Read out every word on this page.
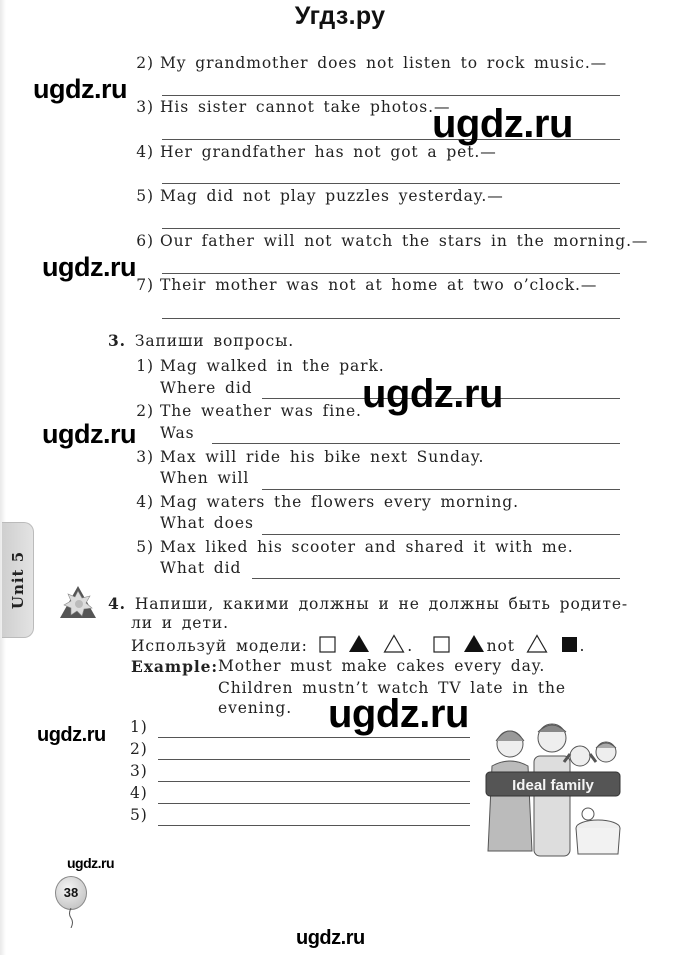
Угдз.ру
2) My grandmother does not listen to rock music.—
3) His sister cannot take photos.—
4) Her grandfather has not got a pet.—
5) Mag did not play puzzles yesterday.—
6) Our father will not watch the stars in the morning.—
7) Their mother was not at home at two o’clock.—
3. Запиши вопросы.
1) Mag walked in the park.
Where did
2) The weather was fine.
Was
3) Max will ride his bike next Sunday.
When will
4) Mag waters the flowers every morning.
What does
5) Max liked his scooter and shared it with me.
What did
Unit 5	4. Напиши, какими должны и не должны быть родите-
ли и дети.
Используй модели:	.	not	.
Example: Mother must make cakes every day.
Children mustn’t watch TV late in the
evening.
1)
2)
3)
4)
5)
Ideal family
38
ugdz.ru
ugdz.ru
ugdz.ru
ugdz.ru
ugdz.ru
ugdz.ru
ugdz.ru
ugdz.ru
ugdz.ru
